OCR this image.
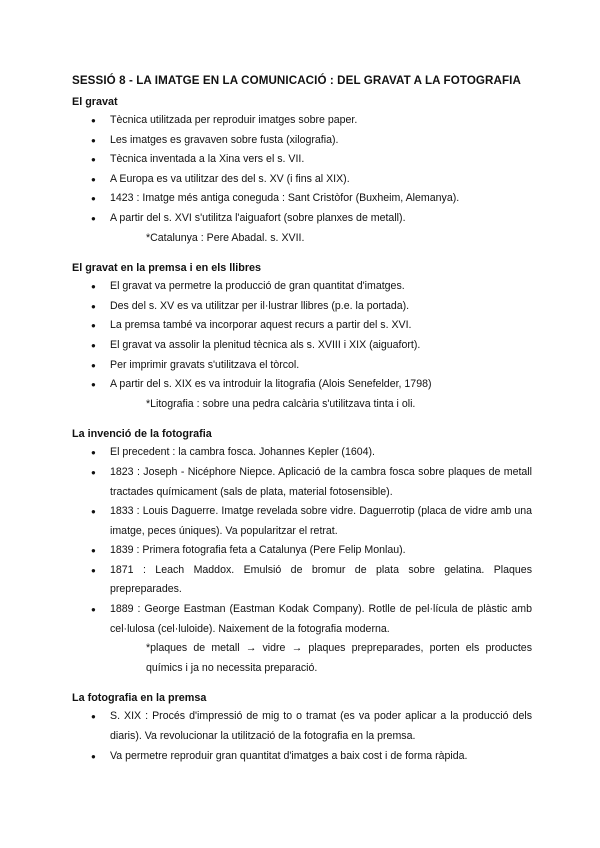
SESSIÓ 8 - LA IMATGE EN LA COMUNICACIÓ : DEL GRAVAT A LA FOTOGRAFIA
El gravat
● Tècnica utilitzada per reproduir imatges sobre paper.
● Les imatges es gravaven sobre fusta (xilografia).
● Tècnica inventada a la Xina vers el s. VII.
● A Europa es va utilitzar des del s. XV (i fins al XIX).
● 1423 : Imatge més antiga coneguda : Sant Cristòfor (Buxheim, Alemanya).
● A partir del s. XVI s'utilitza l'aiguafort (sobre planxes de metall).
*Catalunya : Pere Abadal. s. XVII.
El gravat en la premsa i en els llibres
● El gravat va permetre la producció de gran quantitat d'imatges.
● Des del s. XV es va utilitzar per il·lustrar llibres (p.e. la portada).
● La premsa també va incorporar aquest recurs a partir del s. XVI.
● El gravat va assolir la plenitud tècnica als s. XVIII i XIX (aiguafort).
● Per imprimir gravats s'utilitzava el tòrcol.
● A partir del s. XIX es va introduir la litografia (Alois Senefelder, 1798)
*Litografia : sobre una pedra calcària s'utilitzava tinta i oli.
La invenció de la fotografia
● El precedent : la cambra fosca. Johannes Kepler (1604).
● 1823 : Joseph - Nicéphore Niepce. Aplicació de la cambra fosca sobre plaques de metall tractades químicament (sals de plata, material fotosensible).
● 1833 : Louis Daguerre. Imatge revelada sobre vidre. Daguerrotip (placa de vidre amb una imatge, peces úniques). Va popularitzar el retrat.
● 1839 : Primera fotografia feta a Catalunya (Pere Felip Monlau).
● 1871 : Leach Maddox. Emulsió de bromur de plata sobre gelatina. Plaques prepreparades.
● 1889 : George Eastman (Eastman Kodak Company). Rotlle de pel·lícula de plàstic amb cel·lulosa (cel·luloide). Naixement de la fotografia moderna.
*plaques de metall → vidre → plaques prepreparades, porten els productes químics i ja no necessita preparació.
La fotografia en la premsa
● S. XIX : Procés d'impressió de mig to o tramat (es va poder aplicar a la producció dels diaris). Va revolucionar la utilització de la fotografia en la premsa.
● Va permetre reproduir gran quantitat d'imatges a baix cost i de forma ràpida.
